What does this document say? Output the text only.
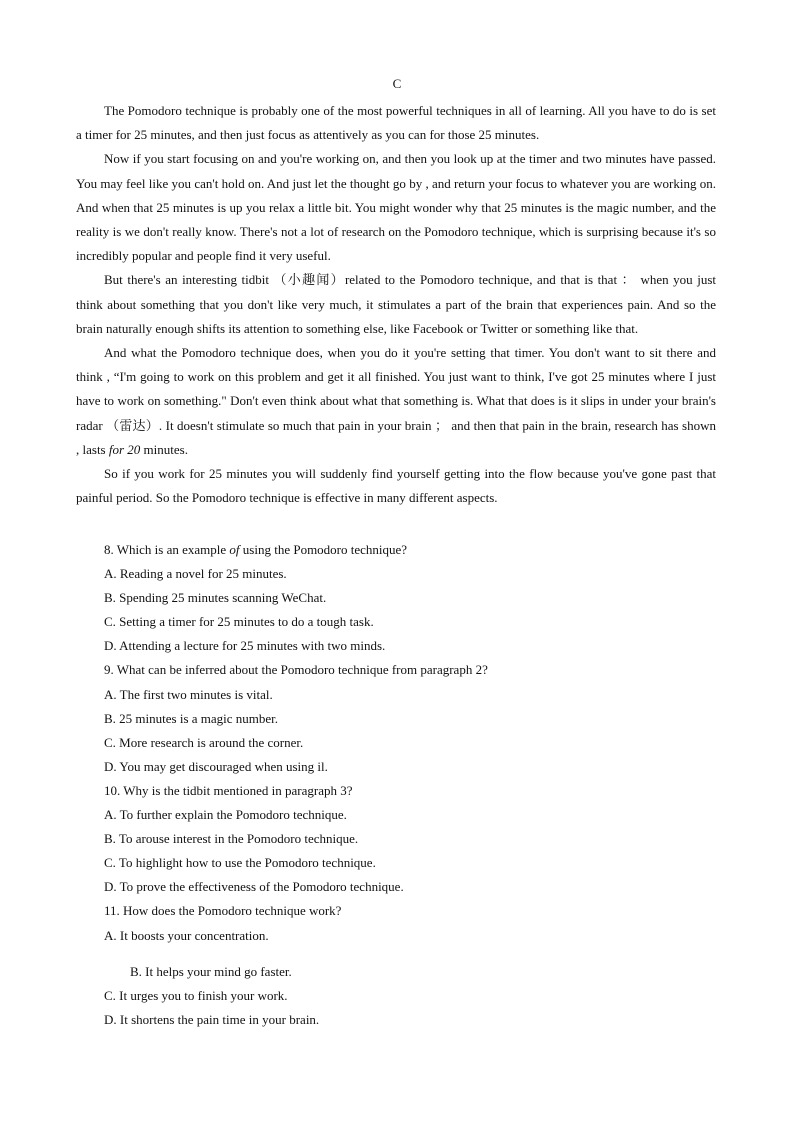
C

The Pomodoro technique is probably one of the most powerful techniques in all of learning. All you have to do is set a timer for 25 minutes, and then just focus as attentively as you can for those 25 minutes.

Now if you start focusing on and you're working on, and then you look up at the timer and two minutes have passed. You may feel like you can't hold on. And just let the thought go by , and return your focus to whatever you are working on. And when that 25 minutes is up you relax a little bit. You might wonder why that 25 minutes is the magic number, and the reality is we don't really know. There's not a lot of research on the Pomodoro technique, which is surprising because it's so incredibly popular and people find it very useful.

But there's an interesting tidbit （小趣闻）related to the Pomodoro technique, and that is that ： when you just think about something that you don't like very much, it stimulates a part of the brain that experiences pain. And so the brain naturally enough shifts its attention to something else, like Facebook or Twitter or something like that.

And what the Pomodoro technique does, when you do it you're setting that timer. You don't want to sit there and think , “I'm going to work on this problem and get it all finished. You just want to think, I've got 25 minutes where I just have to work on something." Don't even think about what that something is. What that does is it slips in under your brain's radar （雷达）. It doesn't stimulate so much that pain in your brain ； and then that pain in the brain, research has shown , lasts for 20 minutes.

So if you work for 25 minutes you will suddenly find yourself getting into the flow because you've gone past that painful period. So the Pomodoro technique is effective in many different aspects.

8. Which is an example of using the Pomodoro technique?
A. Reading a novel for 25 minutes.
B. Spending 25 minutes scanning WeChat.
C. Setting a timer for 25 minutes to do a tough task.
D. Attending a lecture for 25 minutes with two minds.
9. What can be inferred about the Pomodoro technique from paragraph 2?
A. The first two minutes is vital.
B. 25 minutes is a magic number.
C. More research is around the corner.
D. You may get discouraged when using il.
10. Why is the tidbit mentioned in paragraph 3?
A. To further explain the Pomodoro technique.
B. To arouse interest in the Pomodoro technique.
C. To highlight how to use the Pomodoro technique.
D. To prove the effectiveness of the Pomodoro technique.
11. How does the Pomodoro technique work?
A. It boosts your concentration.
B. It helps your mind go faster.
C. It urges you to finish your work.
D. It shortens the pain time in your brain.
